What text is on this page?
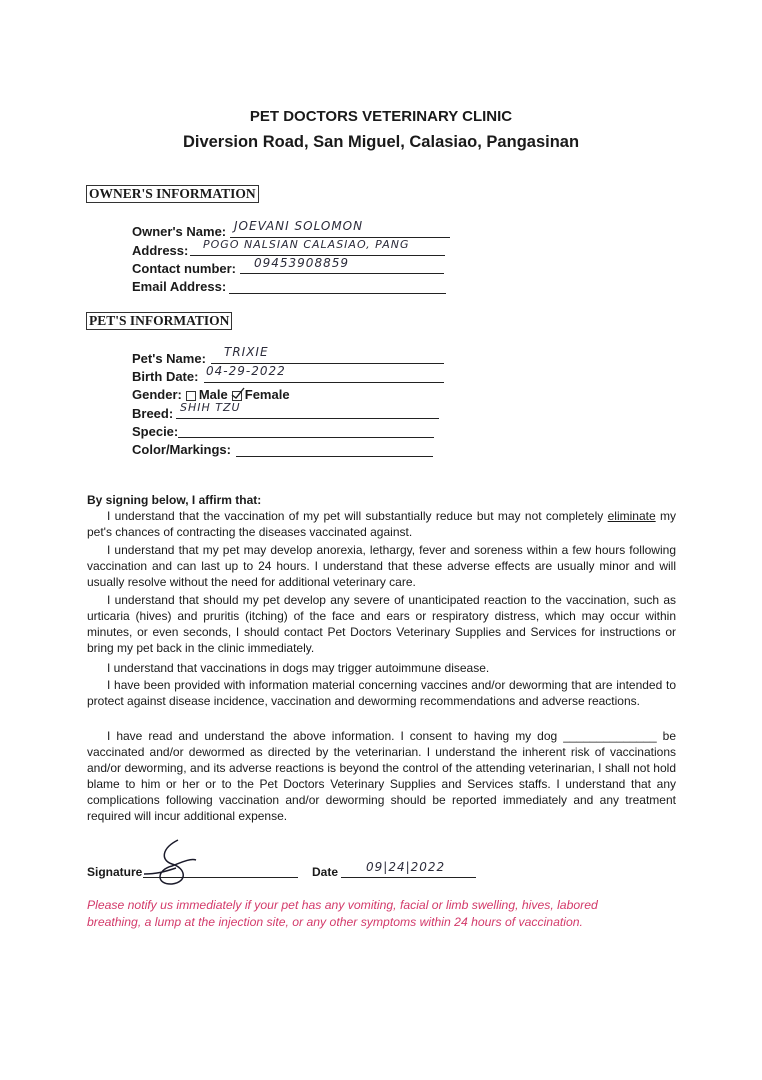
PET DOCTORS VETERINARY CLINIC
Diversion Road, San Miguel, Calasiao, Pangasinan
OWNER'S INFORMATION
Owner's Name: JOEVANI SOLOMON
Address: POGO NALSIAN CALASIAO, PANG
Contact number: 09453908859
Email Address:
PET'S INFORMATION
Pet's Name: TRIXIE
Birth Date: 04-29-2022
Gender: Male Female
Breed: SHIH TZU
Specie:
Color/Markings:
By signing below, I affirm that:
I understand that the vaccination of my pet will substantially reduce but may not completely eliminate my pet's chances of contracting the diseases vaccinated against.
I understand that my pet may develop anorexia, lethargy, fever and soreness within a few hours following vaccination and can last up to 24 hours. I understand that these adverse effects are usually minor and will usually resolve without the need for additional veterinary care.
I understand that should my pet develop any severe of unanticipated reaction to the vaccination, such as urticaria (hives) and pruritis (itching) of the face and ears or respiratory distress, which may occur within minutes, or even seconds, I should contact Pet Doctors Veterinary Supplies and Services for instructions or bring my pet back in the clinic immediately.
I understand that vaccinations in dogs may trigger autoimmune disease.
I have been provided with information material concerning vaccines and/or deworming that are intended to protect against disease incidence, vaccination and deworming recommendations and adverse reactions.
I have read and understand the above information. I consent to having my dog ______________ be vaccinated and/or dewormed as directed by the veterinarian. I understand the inherent risk of vaccinations and/or deworming, and its adverse reactions is beyond the control of the attending veterinarian, I shall not hold blame to him or her or to the Pet Doctors Veterinary Supplies and Services staffs. I understand that any complications following vaccination and/or deworming should be reported immediately and any treatment required will incur additional expense.
Signature	Date 09|24|2022
Please notify us immediately if your pet has any vomiting, facial or limb swelling, hives, labored breathing, a lump at the injection site, or any other symptoms within 24 hours of vaccination.
